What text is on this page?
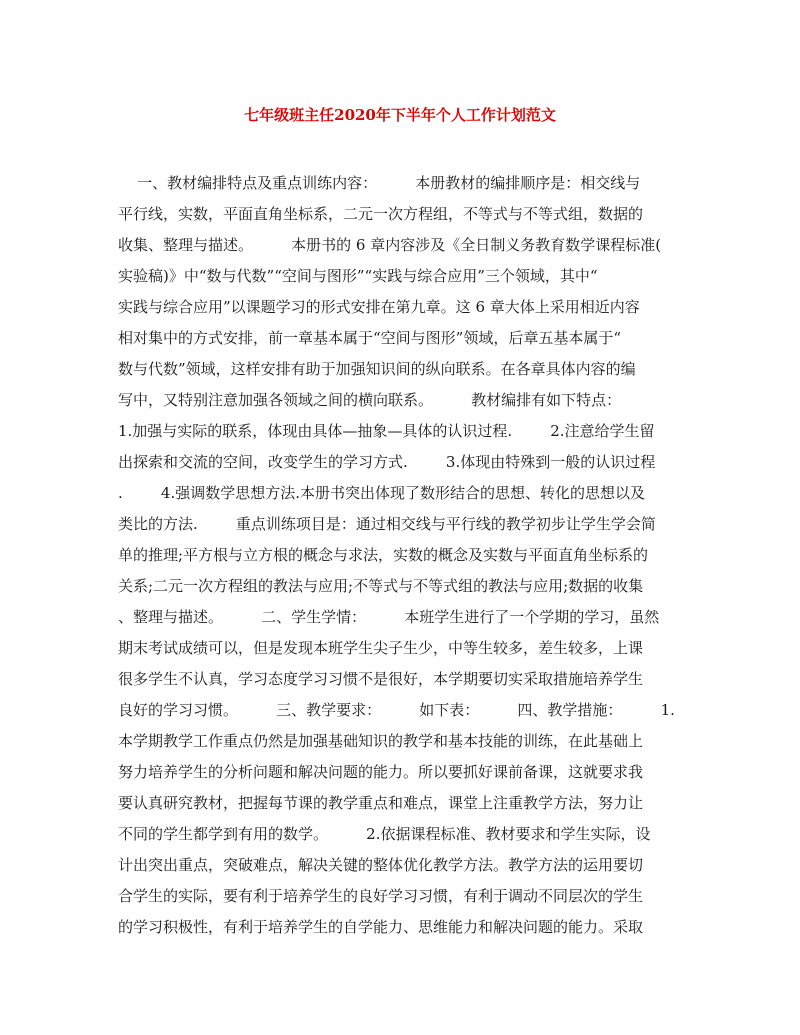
七年级班主任2020年下半年个人工作计划范文
一、教材编排特点及重点训练内容：        本册教材的编排顺序是：相交线与
平行线，实数，平面直角坐标系，二元一次方程组，不等式与不等式组，数据的
收集、整理与描述。        本册书的 6 章内容涉及《全日制义务教育数学课程标准(
实验稿)》中“数与代数”“空间与图形”“实践与综合应用”三个领域，其中“
实践与综合应用”以课题学习的形式安排在第九章。这 6 章大体上采用相近内容
相对集中的方式安排，前一章基本属于“空间与图形”领域，后章五基本属于“
数与代数”领域，这样安排有助于加强知识间的纵向联系。在各章具体内容的编
写中，又特别注意加强各领域之间的横向联系。        教材编排有如下特点：
1.加强与实际的联系，体现由具体—抽象—具体的认识过程.        2.注意给学生留
出探索和交流的空间，改变学生的学习方式.        3.体现由特殊到一般的认识过程
.        4.强调数学思想方法.本册书突出体现了数形结合的思想、转化的思想以及
类比的方法.        重点训练项目是：通过相交线与平行线的教学初步让学生学会简
单的推理;平方根与立方根的概念与求法，实数的概念及实数与平面直角坐标系的
关系;二元一次方程组的教法与应用;不等式与不等式组的教法与应用;数据的收集
、整理与描述。        二、学生学情：        本班学生进行了一个学期的学习，虽然
期末考试成绩可以，但是发现本班学生尖子生少，中等生较多，差生较多，上课
很多学生不认真，学习态度学习习惯不是很好，本学期要切实采取措施培养学生
良好的学习习惯。        三、教学要求：        如下表：        四、教学措施：        1.
本学期教学工作重点仍然是加强基础知识的教学和基本技能的训练，在此基础上
努力培养学生的分析问题和解决问题的能力。所以要抓好课前备课，这就要求我
要认真研究教材，把握每节课的教学重点和难点，课堂上注重教学方法，努力让
不同的学生都学到有用的数学。        2.依据课程标准、教材要求和学生实际，设
计出突出重点，突破难点，解决关键的整体优化教学方法。教学方法的运用要切
合学生的实际，要有利于培养学生的良好学习习惯，有利于调动不同层次的学生
的学习积极性，有利于培养学生的自学能力、思维能力和解决问题的能力。采取
